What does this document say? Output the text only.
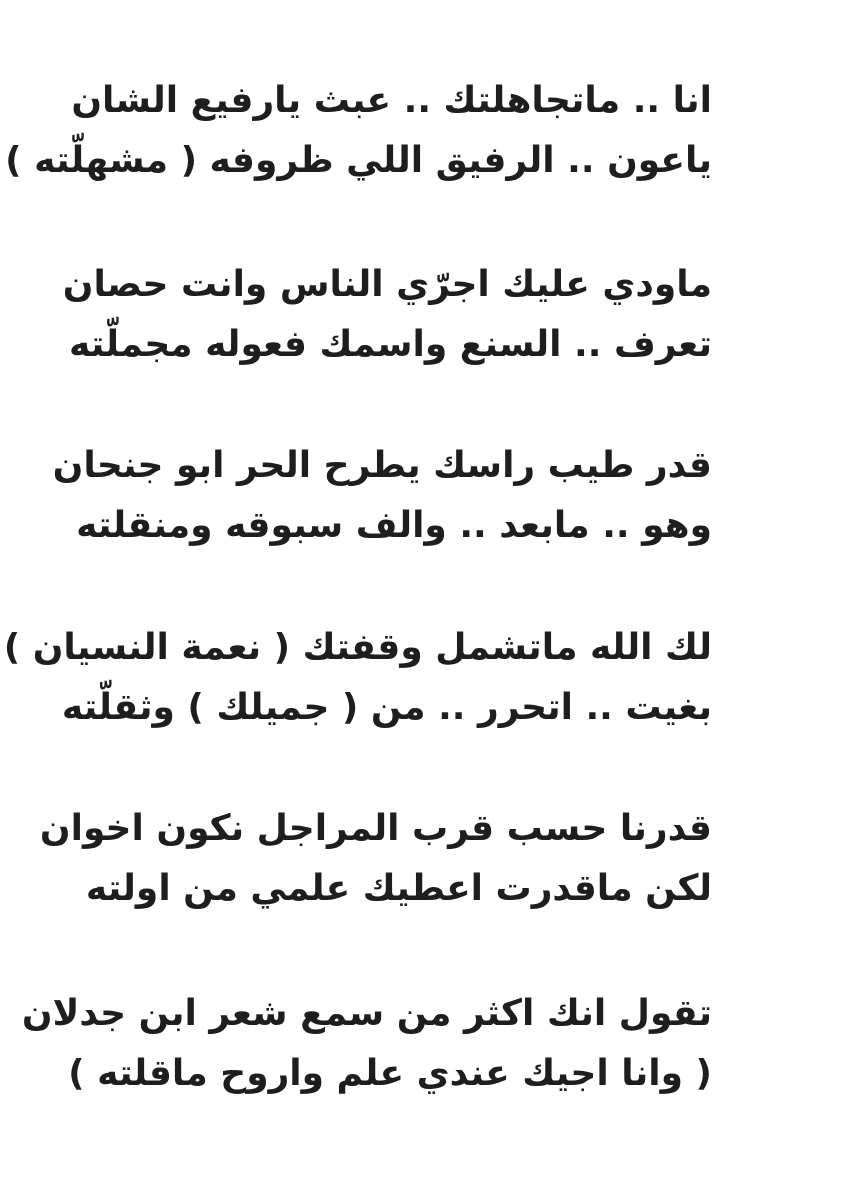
انا .. ماتجاهلتك .. عبث يارفيع الشان
ياعون .. الرفيق اللي ظروفه ( مشهلّته )
ماودي عليك اجرّي الناس وانت حصان
تعرف .. السنع واسمك فعوله مجملّته
قدر طيب راسك يطرح الحر ابو جنحان
وهو .. مابعد .. والف سبوقه ومنقلته
لك الله ماتشمل وقفتك ( نعمة النسيان )
بغيت .. اتحرر .. من ( جميلك ) وثقلّته
قدرنا حسب قرب المراجل نكون اخوان
لكن ماقدرت اعطيك علمي من اولته
تقول انك اكثر من سمع شعر ابن جدلان
( وانا اجيك عندي علم واروح ماقلته )
